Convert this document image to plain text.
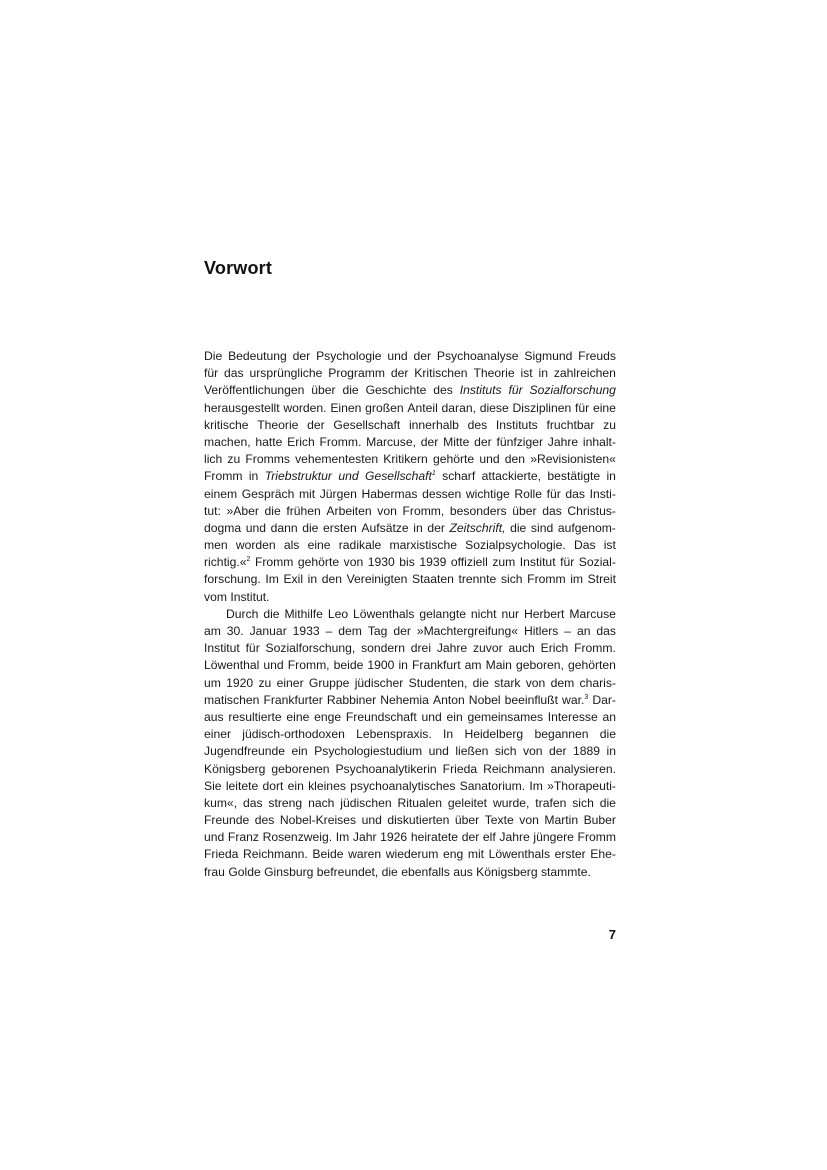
Vorwort
Die Bedeutung der Psychologie und der Psychoanalyse Sigmund Freuds
für das ursprüngliche Programm der Kritischen Theorie ist in zahlreichen
Veröffentlichungen über die Geschichte des Instituts für Sozialforschung
herausgestellt worden. Einen großen Anteil daran, diese Disziplinen für eine
kritische Theorie der Gesellschaft innerhalb des Instituts fruchtbar zu
machen, hatte Erich Fromm. Marcuse, der Mitte der fünfziger Jahre inhalt-
lich zu Fromms vehementesten Kritikern gehörte und den »Revisionisten«
Fromm in Triebstruktur und Gesellschaft$^1$ scharf attackierte, bestätigte in
einem Gespräch mit Jürgen Habermas dessen wichtige Rolle für das Insti-
tut: »Aber die frühen Arbeiten von Fromm, besonders über das Christus-
dogma und dann die ersten Aufsätze in der Zeitschrift, die sind aufgenom-
men worden als eine radikale marxistische Sozialpsychologie. Das ist
richtig.«$^2$ Fromm gehörte von 1930 bis 1939 offiziell zum Institut für Sozial-
forschung. Im Exil in den Vereinigten Staaten trennte sich Fromm im Streit
vom Institut.
Durch die Mithilfe Leo Löwenthals gelangte nicht nur Herbert Marcuse
am 30. Januar 1933 – dem Tag der »Machtergreifung« Hitlers – an das
Institut für Sozialforschung, sondern drei Jahre zuvor auch Erich Fromm.
Löwenthal und Fromm, beide 1900 in Frankfurt am Main geboren, gehörten
um 1920 zu einer Gruppe jüdischer Studenten, die stark von dem charis-
matischen Frankfurter Rabbiner Nehemia Anton Nobel beeinflußt war.$^3$ Dar-
aus resultierte eine enge Freundschaft und ein gemeinsames Interesse an
einer jüdisch-orthodoxen Lebenspraxis. In Heidelberg begannen die
Jugendfreunde ein Psychologiestudium und ließen sich von der 1889 in
Königsberg geborenen Psychoanalytikerin Frieda Reichmann analysieren.
Sie leitete dort ein kleines psychoanalytisches Sanatorium. Im »Thorapeuti-
kum«, das streng nach jüdischen Ritualen geleitet wurde, trafen sich die
Freunde des Nobel-Kreises und diskutierten über Texte von Martin Buber
und Franz Rosenzweig. Im Jahr 1926 heiratete der elf Jahre jüngere Fromm
Frieda Reichmann. Beide waren wiederum eng mit Löwenthals erster Ehe-
frau Golde Ginsburg befreundet, die ebenfalls aus Königsberg stammte.
7
